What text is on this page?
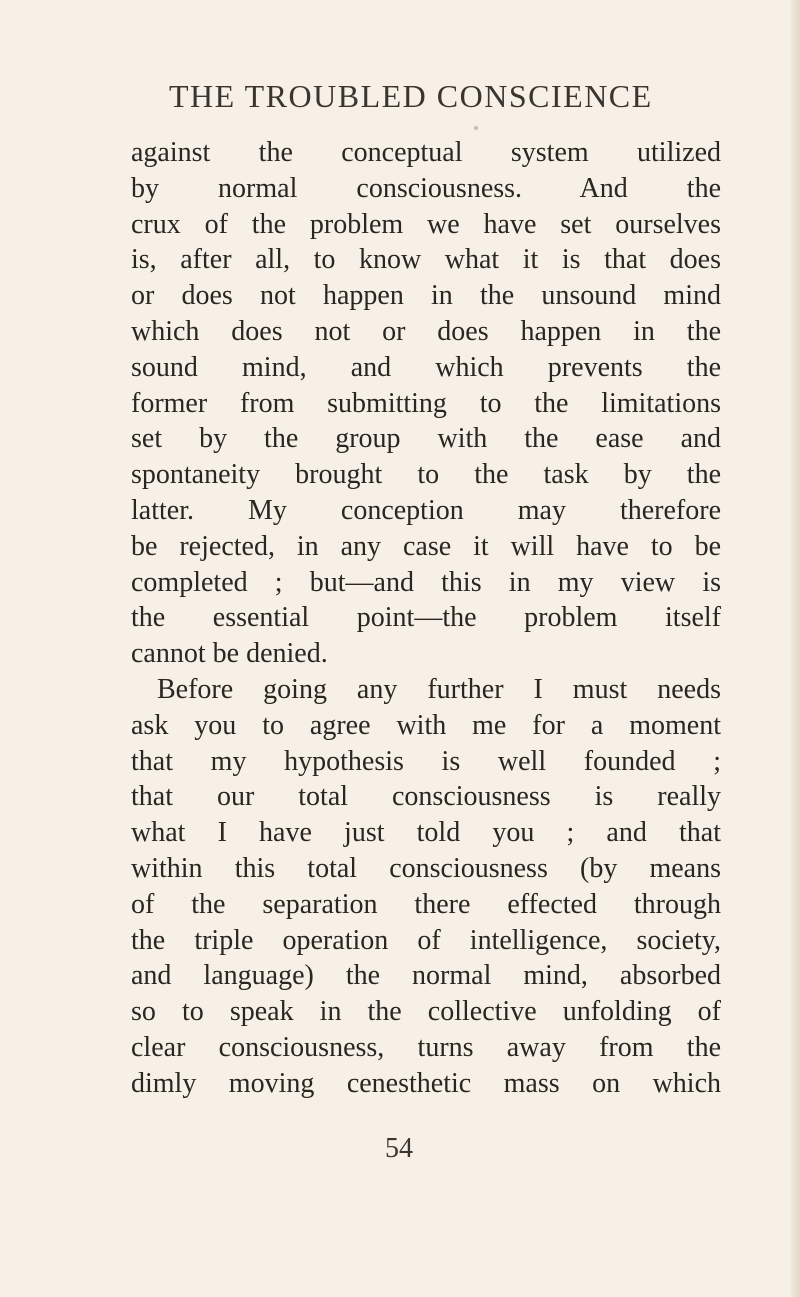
THE TROUBLED CONSCIENCE
against the conceptual system utilized
by normal consciousness. And the
crux of the problem we have set ourselves
is, after all, to know what it is that does
or does not happen in the unsound mind
which does not or does happen in the
sound mind, and which prevents the
former from submitting to the limitations
set by the group with the ease and
spontaneity brought to the task by the
latter. My conception may therefore
be rejected, in any case it will have to be
completed ; but—and this in my view is
the essential point—the problem itself
cannot be denied.
Before going any further I must needs
ask you to agree with me for a moment
that my hypothesis is well founded ;
that our total consciousness is really
what I have just told you ; and that
within this total consciousness (by means
of the separation there effected through
the triple operation of intelligence, society,
and language) the normal mind, absorbed
so to speak in the collective unfolding of
clear consciousness, turns away from the
dimly moving cenesthetic mass on which
54
